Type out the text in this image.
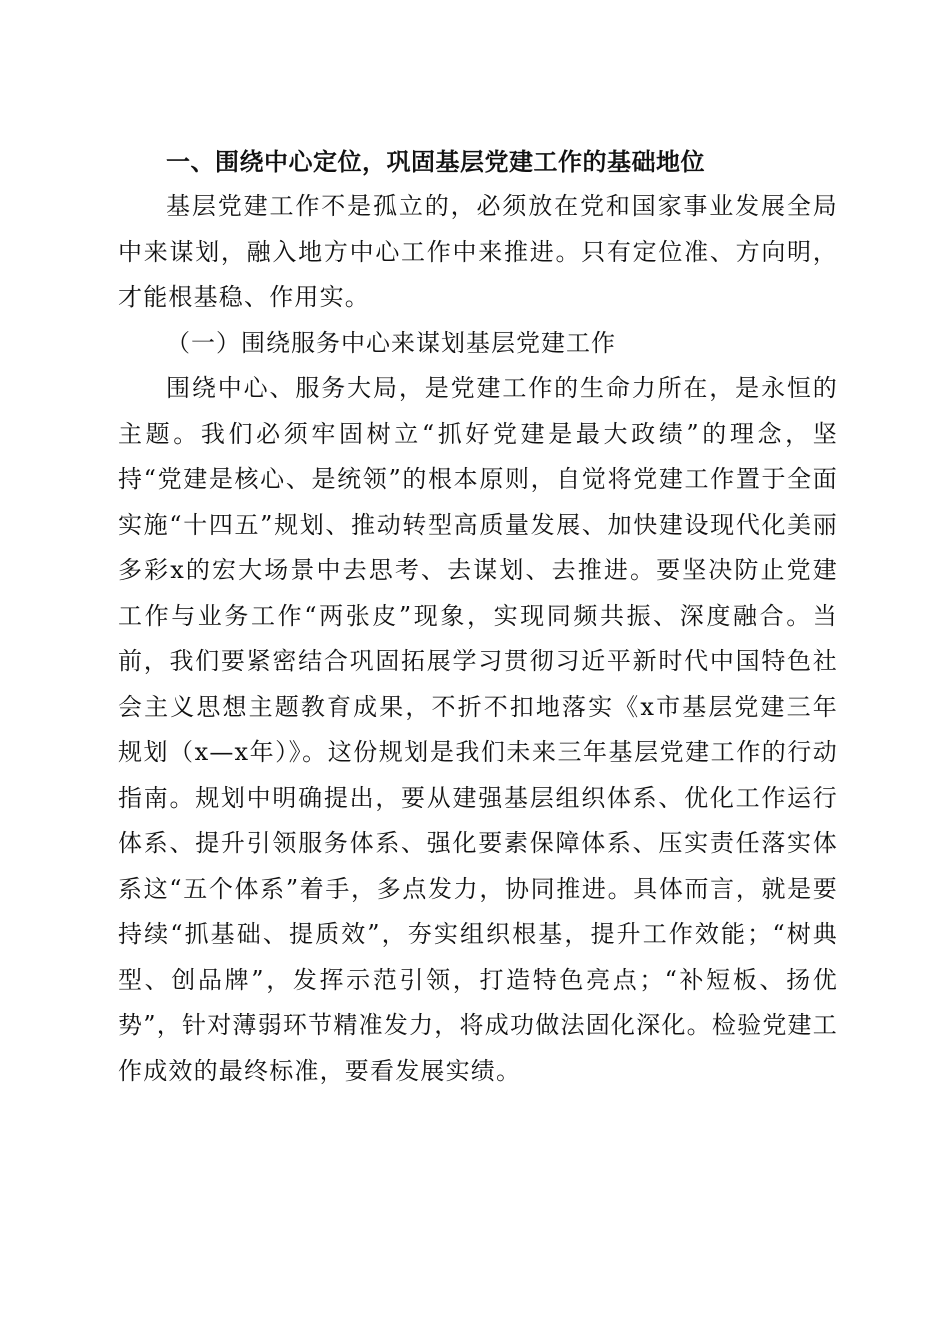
一、围绕中心定位，巩固基层党建工作的基础地位

基层党建工作不是孤立的，必须放在党和国家事业发展全局中来谋划，融入地方中心工作中来推进。只有定位准、方向明，才能根基稳、作用实。

（一）围绕服务中心来谋划基层党建工作

围绕中心、服务大局，是党建工作的生命力所在，是永恒的主题。我们必须牢固树立“抓好党建是最大政绩”的理念，坚持“党建是核心、是统领”的根本原则，自觉将党建工作置于全面实施“十四五”规划、推动转型高质量发展、加快建设现代化美丽多彩x的宏大场景中去思考、去谋划、去推进。要坚决防止党建工作与业务工作“两张皮”现象，实现同频共振、深度融合。当前，我们要紧密结合巩固拓展学习贯彻习近平新时代中国特色社会主义思想主题教育成果，不折不扣地落实《x市基层党建三年规划（x—x年）》。这份规划是我们未来三年基层党建工作的行动指南。规划中明确提出，要从建强基层组织体系、优化工作运行体系、提升引领服务体系、强化要素保障体系、压实责任落实体系这“五个体系”着手，多点发力，协同推进。具体而言，就是要持续“抓基础、提质效”，夯实组织根基，提升工作效能；“树典型、创品牌”，发挥示范引领，打造特色亮点；“补短板、扬优势”，针对薄弱环节精准发力，将成功做法固化深化。检验党建工作成效的最终标准，要看发展实绩。
